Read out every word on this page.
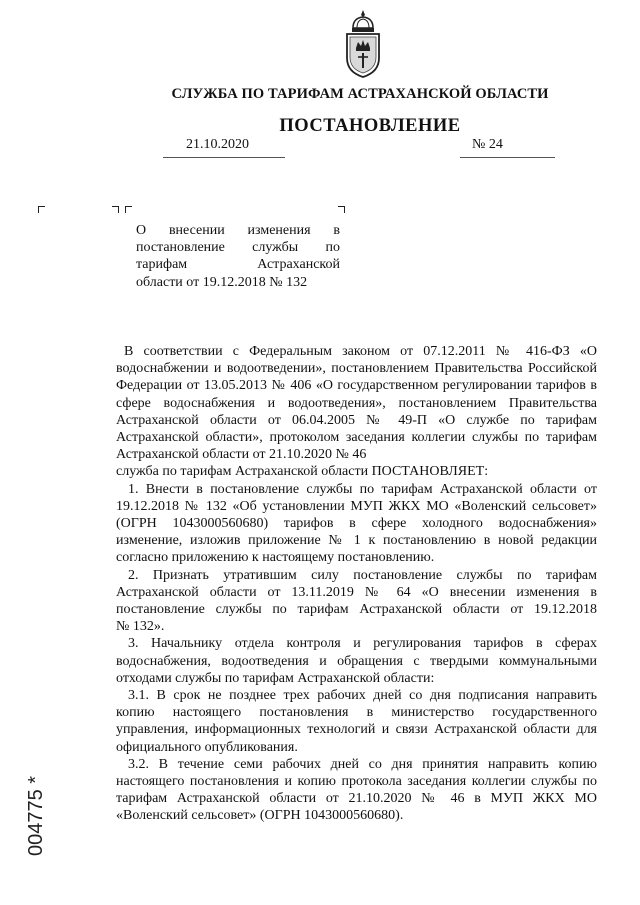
СЛУЖБА ПО ТАРИФАМ АСТРАХАНСКОЙ ОБЛАСТИ
ПОСТАНОВЛЕНИЕ
21.10.2020	№ 24
О внесении изменения в
постановление службы по
тарифам Астраханской
области от 19.12.2018 № 132
В соответствии с Федеральным законом от 07.12.2011 № 416-ФЗ «О
водоснабжении и водоотведении», постановлением Правительства Российской
Федерации от 13.05.2013 № 406 «О государственном регулировании тарифов в
сфере водоснабжения и водоотведения», постановлением Правительства
Астраханской области от 06.04.2005 № 49-П «О службе по тарифам
Астраханской области», протоколом заседания коллегии службы по тарифам
Астраханской области от 21.10.2020 № 46
служба по тарифам Астраханской области ПОСТАНОВЛЯЕТ:
1. Внести в постановление службы по тарифам Астраханской области от
19.12.2018 № 132 «Об установлении МУП ЖКХ МО «Воленский сельсовет»
(ОГРН 1043000560680) тарифов в сфере холодного водоснабжения»
изменение, изложив приложение № 1 к постановлению в новой редакции
согласно приложению к настоящему постановлению.
2. Признать утратившим силу постановление службы по тарифам
Астраханской области от 13.11.2019 № 64 «О внесении изменения в
постановление службы по тарифам Астраханской области от 19.12.2018
№ 132».
3. Начальнику отдела контроля и регулирования тарифов в сферах
водоснабжения, водоотведения и обращения с твердыми коммунальными
отходами службы по тарифам Астраханской области:
3.1. В срок не позднее трех рабочих дней со дня подписания направить
копию настоящего постановления в министерство государственного
управления, информационных технологий и связи Астраханской области для
официального опубликования.
3.2. В течение семи рабочих дней со дня принятия направить копию
настоящего постановления и копию протокола заседания коллегии службы по
тарифам Астраханской области от 21.10.2020 № 46 в МУП ЖКХ МО
«Воленский сельсовет» (ОГРН 1043000560680).
004775 *
